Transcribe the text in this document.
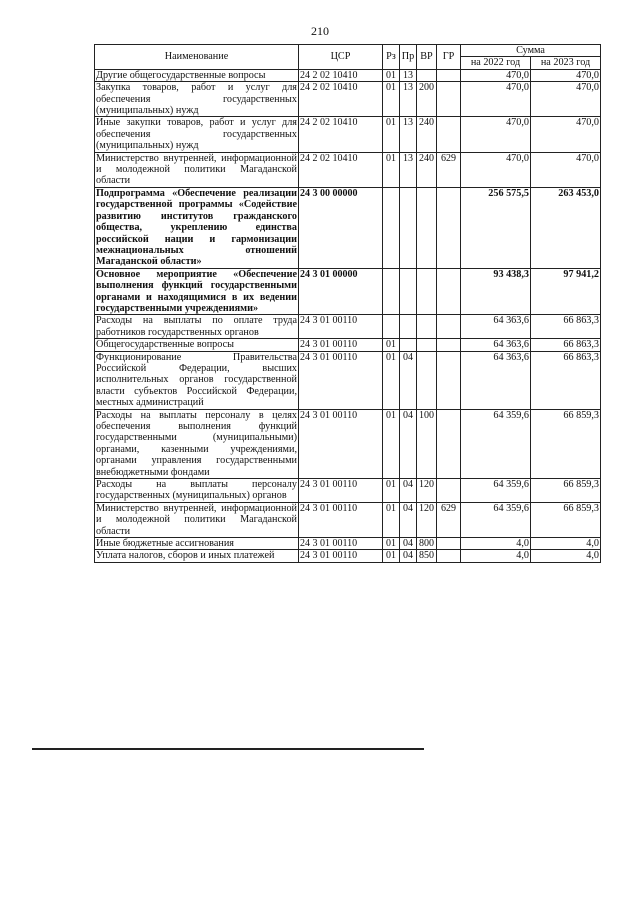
210
Наименование	ЦСР	Рз	Пр	ВР	ГР	Сумма	
						на 2022 год	на 2023 год
Другие общегосударственные вопросы	24 2 02 10410	01	13			470,0	470,0
Закупка товаров, работ и услуг для обеспечения государственных (муниципальных) нужд	24 2 02 10410	01	13	200		470,0	470,0
Иные закупки товаров, работ и услуг для обеспечения государственных (муниципальных) нужд	24 2 02 10410	01	13	240		470,0	470,0
Министерство внутренней, информационной и молодежной политики Магаданской области	24 2 02 10410	01	13	240	629	470,0	470,0
Подпрограмма «Обеспечение реализации государственной программы «Содействие развитию институтов гражданского общества, укреплению единства российской нации и гармонизации межнациональных отношений Магаданской области»	24 3 00 00000					256 575,5	263 453,0
Основное мероприятие «Обеспечение выполнения функций государственными органами и находящимися в их ведении государственными учреждениями»	24 3 01 00000					93 438,3	97 941,2
Расходы на выплаты по оплате труда работников государственных органов	24 3 01 00110					64 363,6	66 863,3
Общегосударственные вопросы	24 3 01 00110	01				64 363,6	66 863,3
Функционирование Правительства Российской Федерации, высших исполнительных органов государственной власти субъектов Российской Федерации, местных администраций	24 3 01 00110	01	04			64 363,6	66 863,3
Расходы на выплаты персоналу в целях обеспечения выполнения функций государственными (муниципальными) органами, казенными учреждениями, органами управления государственными внебюджетными фондами	24 3 01 00110	01	04	100		64 359,6	66 859,3
Расходы на выплаты персоналу государственных (муниципальных) органов	24 3 01 00110	01	04	120		64 359,6	66 859,3
Министерство внутренней, информационной и молодежной политики Магаданской области	24 3 01 00110	01	04	120	629	64 359,6	66 859,3
Иные бюджетные ассигнования	24 3 01 00110	01	04	800		4,0	4,0
Уплата налогов, сборов и иных платежей	24 3 01 00110	01	04	850		4,0	4,0
